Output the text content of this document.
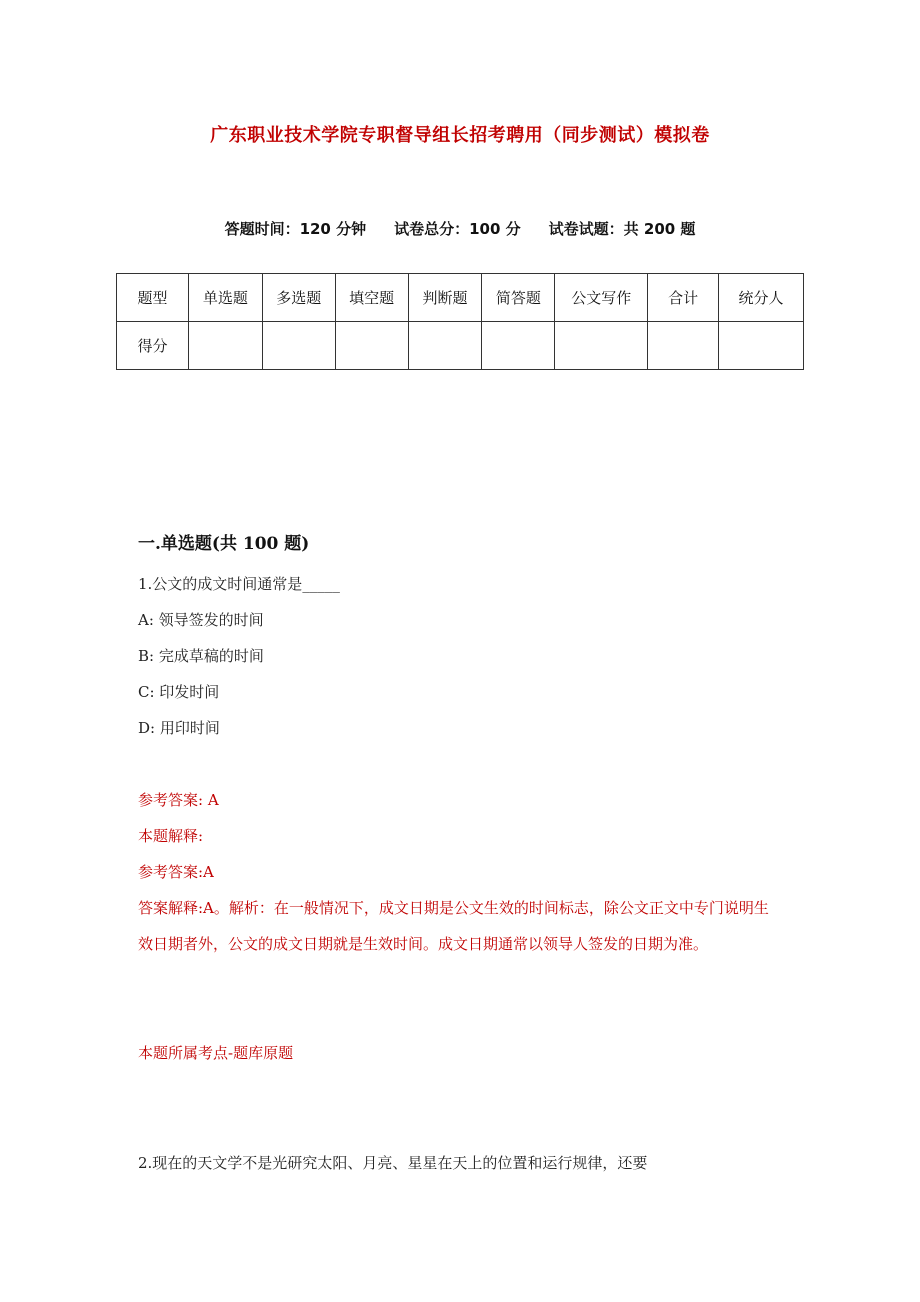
广东职业技术学院专职督导组长招考聘用（同步测试）模拟卷
答题时间：120 分钟 试卷总分：100 分 试卷试题：共 200 题
题型	单选题	多选题	填空题	判断题	简答题	公文写作	合计	统分人
得分								
一.单选题(共 100 题)
1.公文的成文时间通常是_____
A: 领导签发的时间
B: 完成草稿的时间
C: 印发时间
D: 用印时间
参考答案: A
本题解释:
参考答案:A
答案解释:A。解析：在一般情况下，成文日期是公文生效的时间标志，除公文正文中专门说明生效日期者外，公文的成文日期就是生效时间。成文日期通常以领导人签发的日期为准。
本题所属考点-题库原题
2.现在的天文学不是光研究太阳、月亮、星星在天上的位置和运行规律，还要
